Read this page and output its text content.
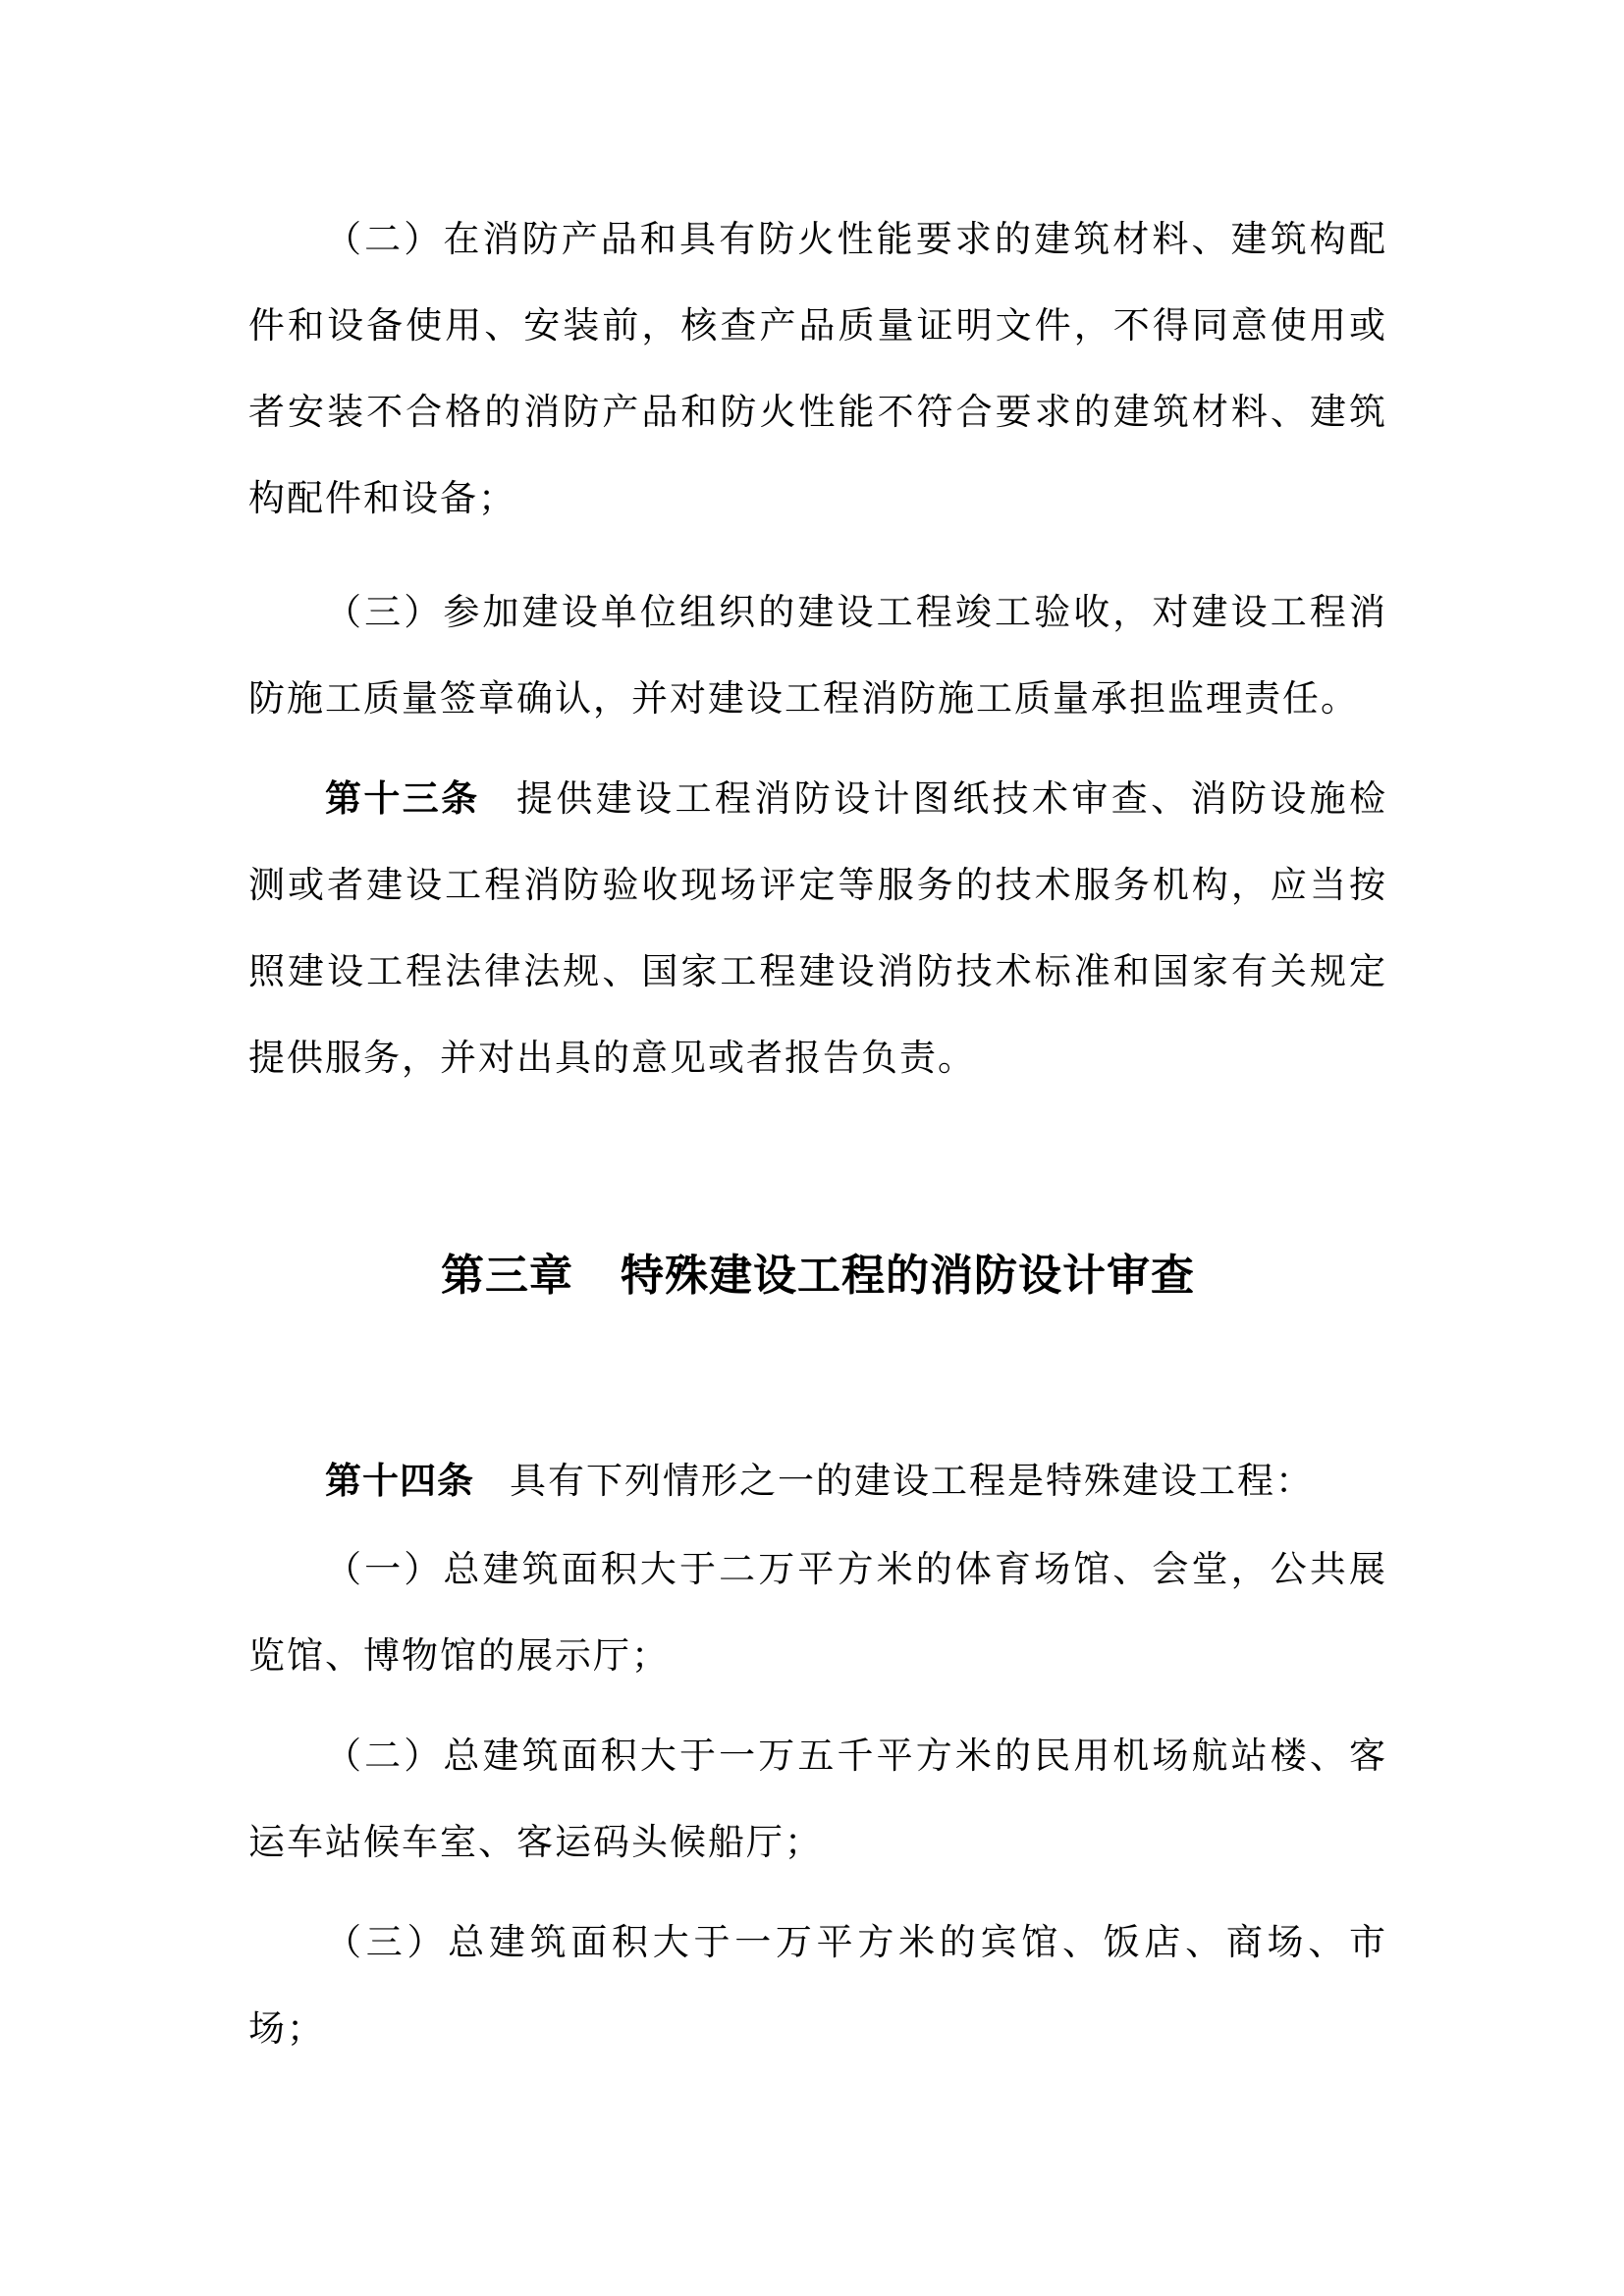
（二）在消防产品和具有防火性能要求的建筑材料、建筑构配件和设备使用、安装前，核查产品质量证明文件，不得同意使用或者安装不合格的消防产品和防火性能不符合要求的建筑材料、建筑构配件和设备；

（三）参加建设单位组织的建设工程竣工验收，对建设工程消防施工质量签章确认，并对建设工程消防施工质量承担监理责任。

第十三条 提供建设工程消防设计图纸技术审查、消防设施检测或者建设工程消防验收现场评定等服务的技术服务机构，应当按照建设工程法律法规、国家工程建设消防技术标准和国家有关规定提供服务，并对出具的意见或者报告负责。

第三章 特殊建设工程的消防设计审查

第十四条 具有下列情形之一的建设工程是特殊建设工程：

（一）总建筑面积大于二万平方米的体育场馆、会堂，公共展览馆、博物馆的展示厅；

（二）总建筑面积大于一万五千平方米的民用机场航站楼、客运车站候车室、客运码头候船厅；

（三）总建筑面积大于一万平方米的宾馆、饭店、商场、市场；
